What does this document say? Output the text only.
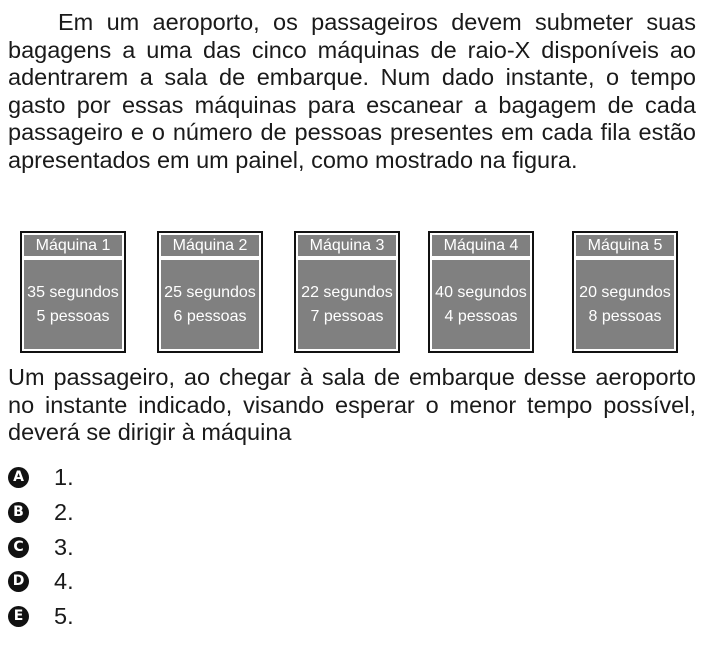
Em um aeroporto, os passageiros devem submeter suas bagagens a uma das cinco máquinas de raio-X disponíveis ao adentrarem a sala de embarque. Num dado instante, o tempo gasto por essas máquinas para escanear a bagagem de cada passageiro e o número de pessoas presentes em cada fila estão apresentados em um painel, como mostrado na figura.
Máquina 1
35 segundos
5 pessoas
Máquina 2
25 segundos
6 pessoas
Máquina 3
22 segundos
7 pessoas
Máquina 4
40 segundos
4 pessoas
Máquina 5
20 segundos
8 pessoas
Um passageiro, ao chegar à sala de embarque desse aeroporto no instante indicado, visando esperar o menor tempo possível, deverá se dirigir à máquina
A 1.
B 2.
C 3.
D 4.
E 5.
